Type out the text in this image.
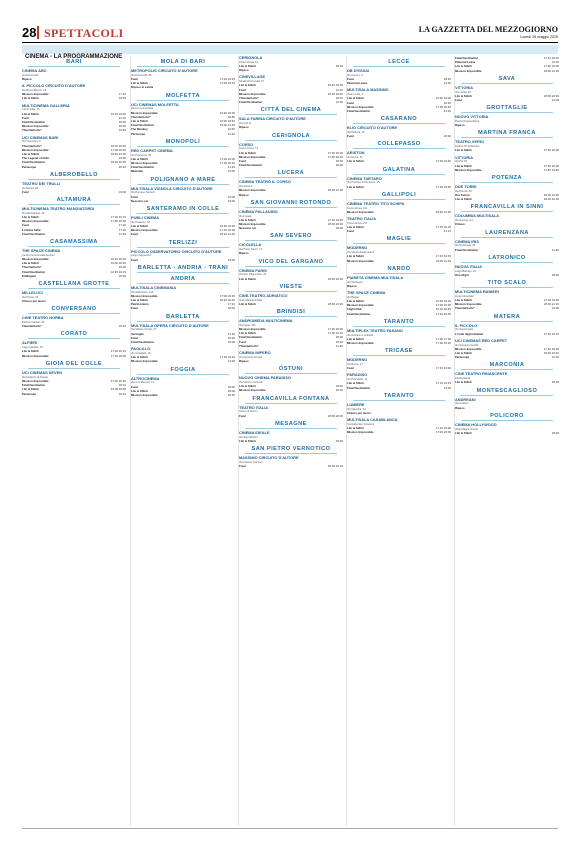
28 SPETTACOLI	LA GAZZETTA DEL MEZZOGIORNO
Lunedì 26 maggio 2025
CINEMA - LA PROGRAMMAZIONE
BARI
CINEMA ABC
Via Pavoncelli
Ripeso
IL PICCOLO CIRCUITO D'AUTORE
Via Bruno Buozzi, 26
Mission Impossible	17:30
Lilo & Stitch	18:00
MULTICINEMA GALLERIA
Corso Italia, 15
Lilo & Stitch	16:15 18:40
Fuori	21:10
Final Destination	18:00
Mission Impossible	20:30
Thunderbolts*	19:00
UCI CINEMAS BARI
Via Giannone, 5
Thunderbolts*	18:10 20:30
Mission Impossible	17:00 20:45
Lilo & Stitch	18:30 21:00
The Legend of Ochi	18:50
Final Destination	18:00 22:00
Partenope	20:40
ALBEROBELLO
TEATRO DEI TRULLI
Via Morea, 26
Fuori	19:00
ALTAMURA
MULTICINEMA TEATRO MANGIATORDI
Via Mercadante, 46
Lilo & Stitch	17:15 19:15
Mission Impossible	17:30 20:30
Fuori	17:20
L'ultima follia	17:30
Final Destination	21:30
CASAMASSIMA
THE SPACE CINEMA
Centro commerciale Auchan
Mission Impossible	16:45 20:00
Lilo & Stitch	16:00 18:20
Thunderbolts*	19:30
Final Destination	16:45 19:15
Eddington	20:30
CASTELLANA GROTTE
MILLELUCI
Via Pravia, 33
Chiuso per lavori
CONVERSANO
CINE TEATRO NORBA
Piazza Castello, 25
Thunderbolts*	18:30
CORATO
ALFIERI
Largo Abbazia, 60
Lilo & Stitch	17:30 20:15
Mission Impossible	17:45 20:00
GIOIA DEL COLLE
UCI CINEMAS SEVEN
Via Federico di Svevia
Mission Impossible	17:00 20:30
Final Destination	18:10
Lilo & Stitch	16:00 18:30
Partenope	20:40
MOLA DI BARI
METROPOLIS CIRCUITO D'AUTORE
Via Pavoncelli, 85
Fuori	17:00 19:15
Lilo & Stitch	17:05 19:15
Riposo in estate
MOLFETTA
UCI CINEMAS MOLFETTA
Parco commerciale
Mission Impossible	16:30 20:00
Thunderbolts*	18:50
Lilo & Stitch	16:00 18:40
Final Destination	19:00 21:45
The Monkey	22:45
Partenope	21:40
MONOPOLI
RED CARPET CINEMA
Via Procaccia, 14
Lilo & Stitch	17:00 19:00
Mission Impossible	17:30 20:30
Final Destination	21:30
Materiali	19:00
POLIGNANO A MARE
MULTISALA VIGNOLA CIRCUITO D'AUTORE
Via Pompeo Sarnelli
Fuori	19:00
Nessuno sei	19:00
SANTERAMO IN COLLE
PUBLI CINEMA
Via Cassano, 52
Lilo & Stitch	16:30 19:30
Mission Impossible	17:15 20:30
Fuori	18:10 21:20
TERLIZZI
PICCOLO OSSERVATORIO CIRCUITO D'AUTORE
Largo Cappuccini
Fuori	19:00
BARLETTA - ANDRIA - TRANI
ANDRIA
MULTISALA CINEMANIA
Via della Pace, 146
Mission Impossible	17:00 20:45
Lilo & Stitch	18:20 20:30
Patrimonium	17:10
Fuori	18:00
BARLETTA
MULTISALA OPERA CIRCUITO D'AUTORE
Via Vittorio Veneto, 67
Vermiglio	17:30
Fuori	20:30
Final Destination	19:00
PAOLILLO
Via Cavallotti, 18
Lilo & Stitch	17:30 19:40
Mission Impossible	21:00
FOGGIA
ALTROCINEMA
Via Ciro Menotti, 14
Fuori	19:00
Lilo & Stitch	18:00
Mission Impossible	20:30
CERIGNOLA
Corso Roma, 41
Lilo & Stitch	18:00
Ripeso
CINEVILLAGE
Strada Provinciale 73
Lilo & Stitch	16:40 19:00
Fuori	21:40
Mission Impossible	16:30 20:45
Thunderbolts*	18:15
Final Destination	21:00
CITTÀ DEL CINEMA
SALA FARINA CIRCUITO D'AUTORE
Via Arpi, 8
Ripeso
CERIGNOLA
CORSO
Corso Roma, 74
Lilo & Stitch	17:30 20:00
Mission Impossible	17:45 20:45
Fuori	18:00
Final Destination	20:00
LUCERA
CINEMA TEATRO IL CORSO
Via Siponto
Mission Impossible	18:00 21:00
Ripeso
SAN GIOVANNI ROTONDO
CINEMA PALLADINO
Via Foggia
Lilo & Stitch	17:30 19:45
Mission Impossible	18:00 20:30
Nessuno sei	18:00
SAN SEVERO
CICOLELLA
Via Pietro Nenni, 71
Ripeso
VICO DEL GARGANO
CINEMA PARIS
Via San Filippo Neri, 22
Lilo & Stitch	18:00 20:00
VIESTE
CINE-TEATRO ADRIATICO
Viale Marinai d'Italia
Lilo & Stitch	18:30 21:00
BRINDISI
ANDROMEDA MULTICINEMA
Via Appia, 161
Mission Impossible	17:30 20:30
Lilo & Stitch	17:00 19:15
Final Destination	20:00
Fuori	18:20
Thunderbolts*	21:00
CINEMA IMPERO
Via Ferrante Fornari
Ripeso
OSTUNI
NUOVO CINEMA PARADISO
Via Vittorio Continelli
Lilo & Stitch	18:30
Mission Impossible	20:30
FRANCAVILLA FONTANA
TEATRO ITALIA
Corso Umberto I
Fuori	18:00 20:00
MESAGNE
CINEMA IDEALE
Via Santi Medici
Lilo & Stitch	18:30
SAN PIETRO VERNOTICO
MASSIMO CIRCUITO D'AUTORE
Via Antonio Gramsci
Fuori	18:00 20:15
LECCE
DB D'ESSAI
Via Cavour, 4
Fuori	18:45
Paternal Leave	21:00
MULTISALA MASSIMO
Viale Lo Re, 1
Lilo & Stitch	16:30 19:00
Fuori	16:30
Mission Impossible	17:30 20:45
Final Destination	21:15
CASARANO
ELIO CIRCUITO D'AUTORE
Via Padova, 10
Fuori	18:30
COLLEPASSO
ARISTON
Via Roma, 31
Lilo & Stitch	17:30 19:30
GALATINA
CINEMA TARTARO
Via Principe di Piemonte, 15
Lilo & Stitch	17:30 19:30
GALLIPOLI
CINEMA TEATRO TITO SCHIPA
Corso Roma, 141
Mission Impossible	19:30 21:30
TEATRO ITALIA
Corso Roma, 217
Lilo & Stitch	17:15 19:15
Fuori	21:15
MAGLIE
MODERNO
Via Vittorio Emanuele II
Lilo & Stitch	17:15 19:15
Mission Impossible	19:00 21:30
NARDÒ
PIANETA CINEMA MULTISALA
Via Sardegna
Ripeso
THE SPACE CINEMA
Via Birago
Lilo & Stitch	16:30 19:15
Mission Impossible	17:00 20:30
Flight Risk	16:15 18:45
Final Destination	17:40 20:45
TARANTO
MULTIPLEX TEATRO FASANO
Via Giovanni Lombardi
Lilo & Stitch	17:00 17:30
Mission Impossible	17:30 20:30
TRICASE
MODERNO
Via Roma, 27
Fuori	17:15 19:30
PARADISO
Via Pirandello, 12
Lilo & Stitch	17:15 19:15
Final Destination	21:00
TARANTO
LUMIERE
Via Valentini, 10
Chiuso per lavori
MULTISALA CASABLANCA
Contrada San Giovanni
Lilo & Stitch	17:15 19:30
Mission Impossible	17:00 20:00
Final Destination	17:10 19:30
Paternal Leave	21:00
Lilo & Stitch	17:00 19:00
Mission Impossible	18:30 21:30
SAVA
VITTORIA
Via Lamia, 25
Lilo & Stitch	18:00 20:30
Fuori	21:00
GROTTAGLIE
NUOVO VITTORIA
Piazza Regina Elena
Ripeso
MARTINA FRANCA
TEATRO VERDI
Piazza XX Settembre
Lilo & Stitch	17:00 20:00
VITTORIA
Via Pio XII
Lilo & Stitch	17:00 20:00
Mission Impossible	17:45 19:45
POTENZA
DUE TORRI
Via Pienza, 50
Ora Futuro	18:00 21:30
Lilo & Stitch	18:00 20:30
FRANCAVILLA IN SINNI
COLUMBIA MULTISALA
Via Europa, snc
Chiuso
LAURENZANA
CINEMA IRIS
Via Nazionale, 23
Final Destination	21:00
LATRONICO
NUOVA ITALIA
Largo Barbaro, 10
One Night	18:30
TITO SCALO
MULTICINEMA RANIERI
Zona Industriale
Lilo & Stitch	17:00 19:30
Mission Impossible	18:00 21:15
Thunderbolts*	21:00
MATERA
IL PICCOLO
Via Sant'Angelo
L'isola degli idealisti	17:00 19:15
UCI CINEMAS RED CARPET
Via Giovanni Gentile
Mission Impossible	17:30 20:30
Lilo & Stitch	18:00 20:40
Partenope	21:00
MARCONIA
CINE TEATRO RINASCENTE
Piazza Elena
Lilo & Stitch	18:00
MONTESCAGLIOSO
ANDREANI
Via Goldoni
Ripeso
POLICORO
CINEMA HOLLYWOOD
Viale Magna Grecia
Lilo & Stitch	18:00
